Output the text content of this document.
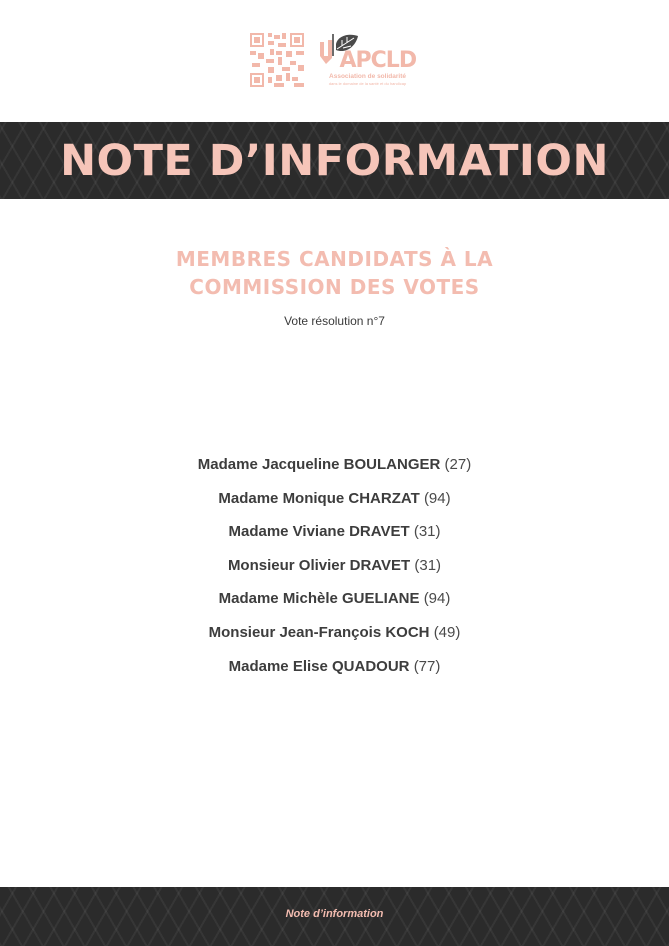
APCLD
Association de solidarité
dans le domaine de la santé et du handicap
NOTE D’INFORMATION
MEMBRES CANDIDATS À LA
COMMISSION DES VOTES
Vote résolution n°7
Madame Jacqueline BOULANGER (27)
Madame Monique CHARZAT (94)
Madame Viviane DRAVET (31)
Monsieur Olivier DRAVET (31)
Madame Michèle GUELIANE (94)
Monsieur Jean-François KOCH (49)
Madame Elise QUADOUR (77)
Note d’information
